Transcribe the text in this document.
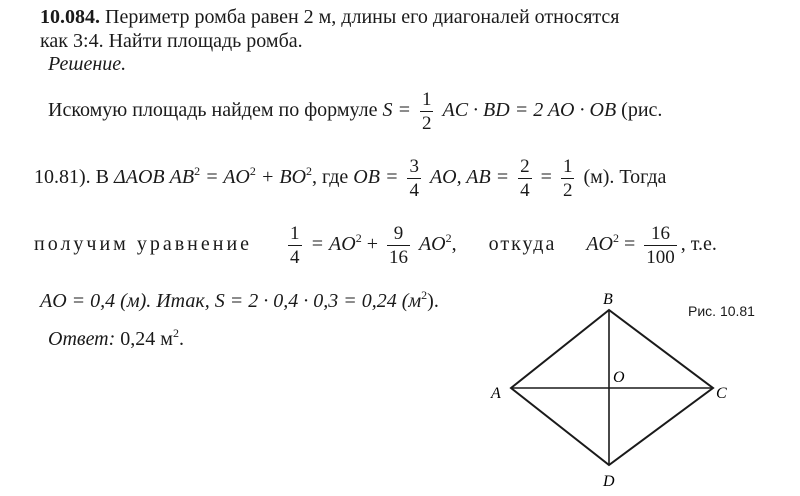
10.084. Периметр ромба равен 2 м, длины его диагоналей относятся
как 3:4. Найти площадь ромба.
Решение.
Искомую площадь найдем по формуле $S = \frac{1}{2}$ AC · BD = 2 AO · OB (рис.
10.81). В ΔAOB $AB^2 = AO^2 + BO^2$, где OB = $\frac{3}{4}$ AO, AB = $\frac{2}{4} = \frac{1}{2} (м)$. Тогда
получим уравнение $\frac{1}{4} = AO^2 + \frac{9}{16} AO^2$, откуда $AO^2 = \frac{16}{100}$ , т.е.
AO = 0,4 (м). Итак, S = 2 · 0,4 · 0,3 = 0,24 $(м^2)$.
Ответ: 0,24 $м^2$.
Рис. 10.81
A
B
C
D
O
